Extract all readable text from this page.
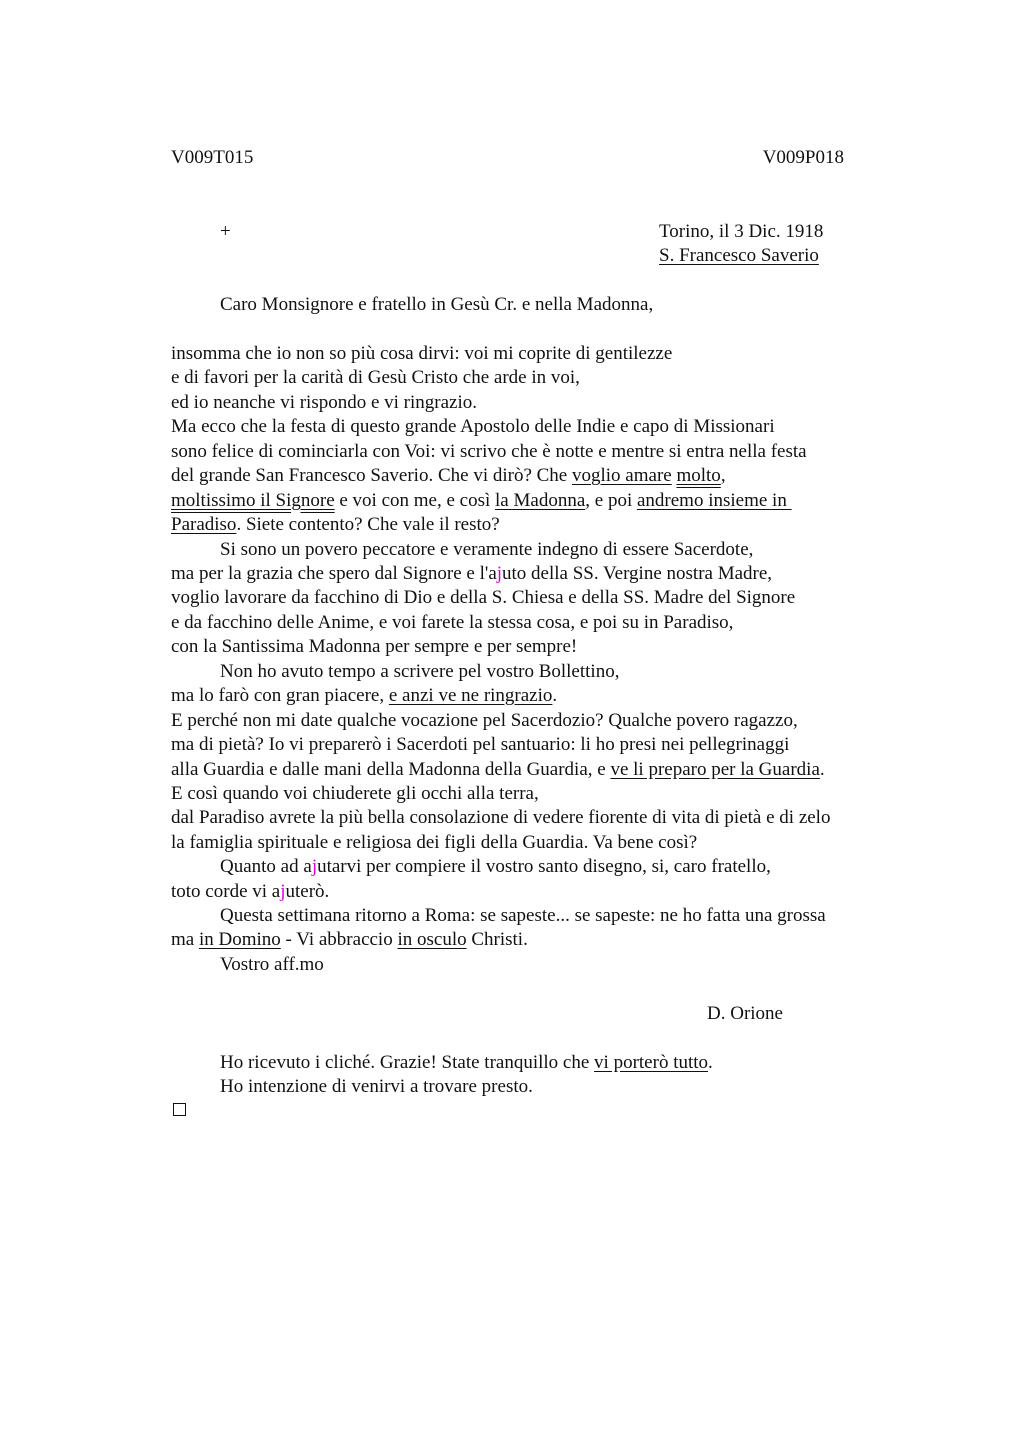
V009T015	V009P018
+	Torino, il 3 Dic. 1918
S. Francesco Saverio
Caro Monsignore e fratello in Gesù Cr. e nella Madonna,
insomma che io non so più cosa dirvi: voi mi coprite di gentilezze
e di favori per la carità di Gesù Cristo che arde in voi,
ed io neanche vi rispondo e vi ringrazio.
Ma ecco che la festa di questo grande Apostolo delle Indie e capo di Missionari
sono felice di cominciarla con Voi: vi scrivo che è notte e mentre si entra nella festa
del grande San Francesco Saverio. Che vi dirò? Che voglio amare molto,
moltissimo il Signore e voi con me, e così la Madonna, e poi andremo insieme in
Paradiso. Siete contento? Che vale il resto?
Si sono un povero peccatore e veramente indegno di essere Sacerdote,
ma per la grazia che spero dal Signore e l'ajuto della SS. Vergine nostra Madre,
voglio lavorare da facchino di Dio e della S. Chiesa e della SS. Madre del Signore
e da facchino delle Anime, e voi farete la stessa cosa, e poi su in Paradiso,
con la Santissima Madonna per sempre e per sempre!
Non ho avuto tempo a scrivere pel vostro Bollettino,
ma lo farò con gran piacere, e anzi ve ne ringrazio.
E perché non mi date qualche vocazione pel Sacerdozio? Qualche povero ragazzo,
ma di pietà? Io vi preparerò i Sacerdoti pel santuario: li ho presi nei pellegrinaggi
alla Guardia e dalle mani della Madonna della Guardia, e ve li preparo per la Guardia.
E così quando voi chiuderete gli occhi alla terra,
dal Paradiso avrete la più bella consolazione di vedere fiorente di vita di pietà e di zelo
la famiglia spirituale e religiosa dei figli della Guardia. Va bene così?
Quanto ad ajutarvi per compiere il vostro santo disegno, si, caro fratello,
toto corde vi ajuterò.
Questa settimana ritorno a Roma: se sapeste... se sapeste: ne ho fatta una grossa
ma in Domino - Vi abbraccio in osculo Christi.
Vostro aff.mo
D. Orione
Ho ricevuto i cliché. Grazie! State tranquillo che vi porterò tutto.
Ho intenzione di venirvi a trovare presto.
